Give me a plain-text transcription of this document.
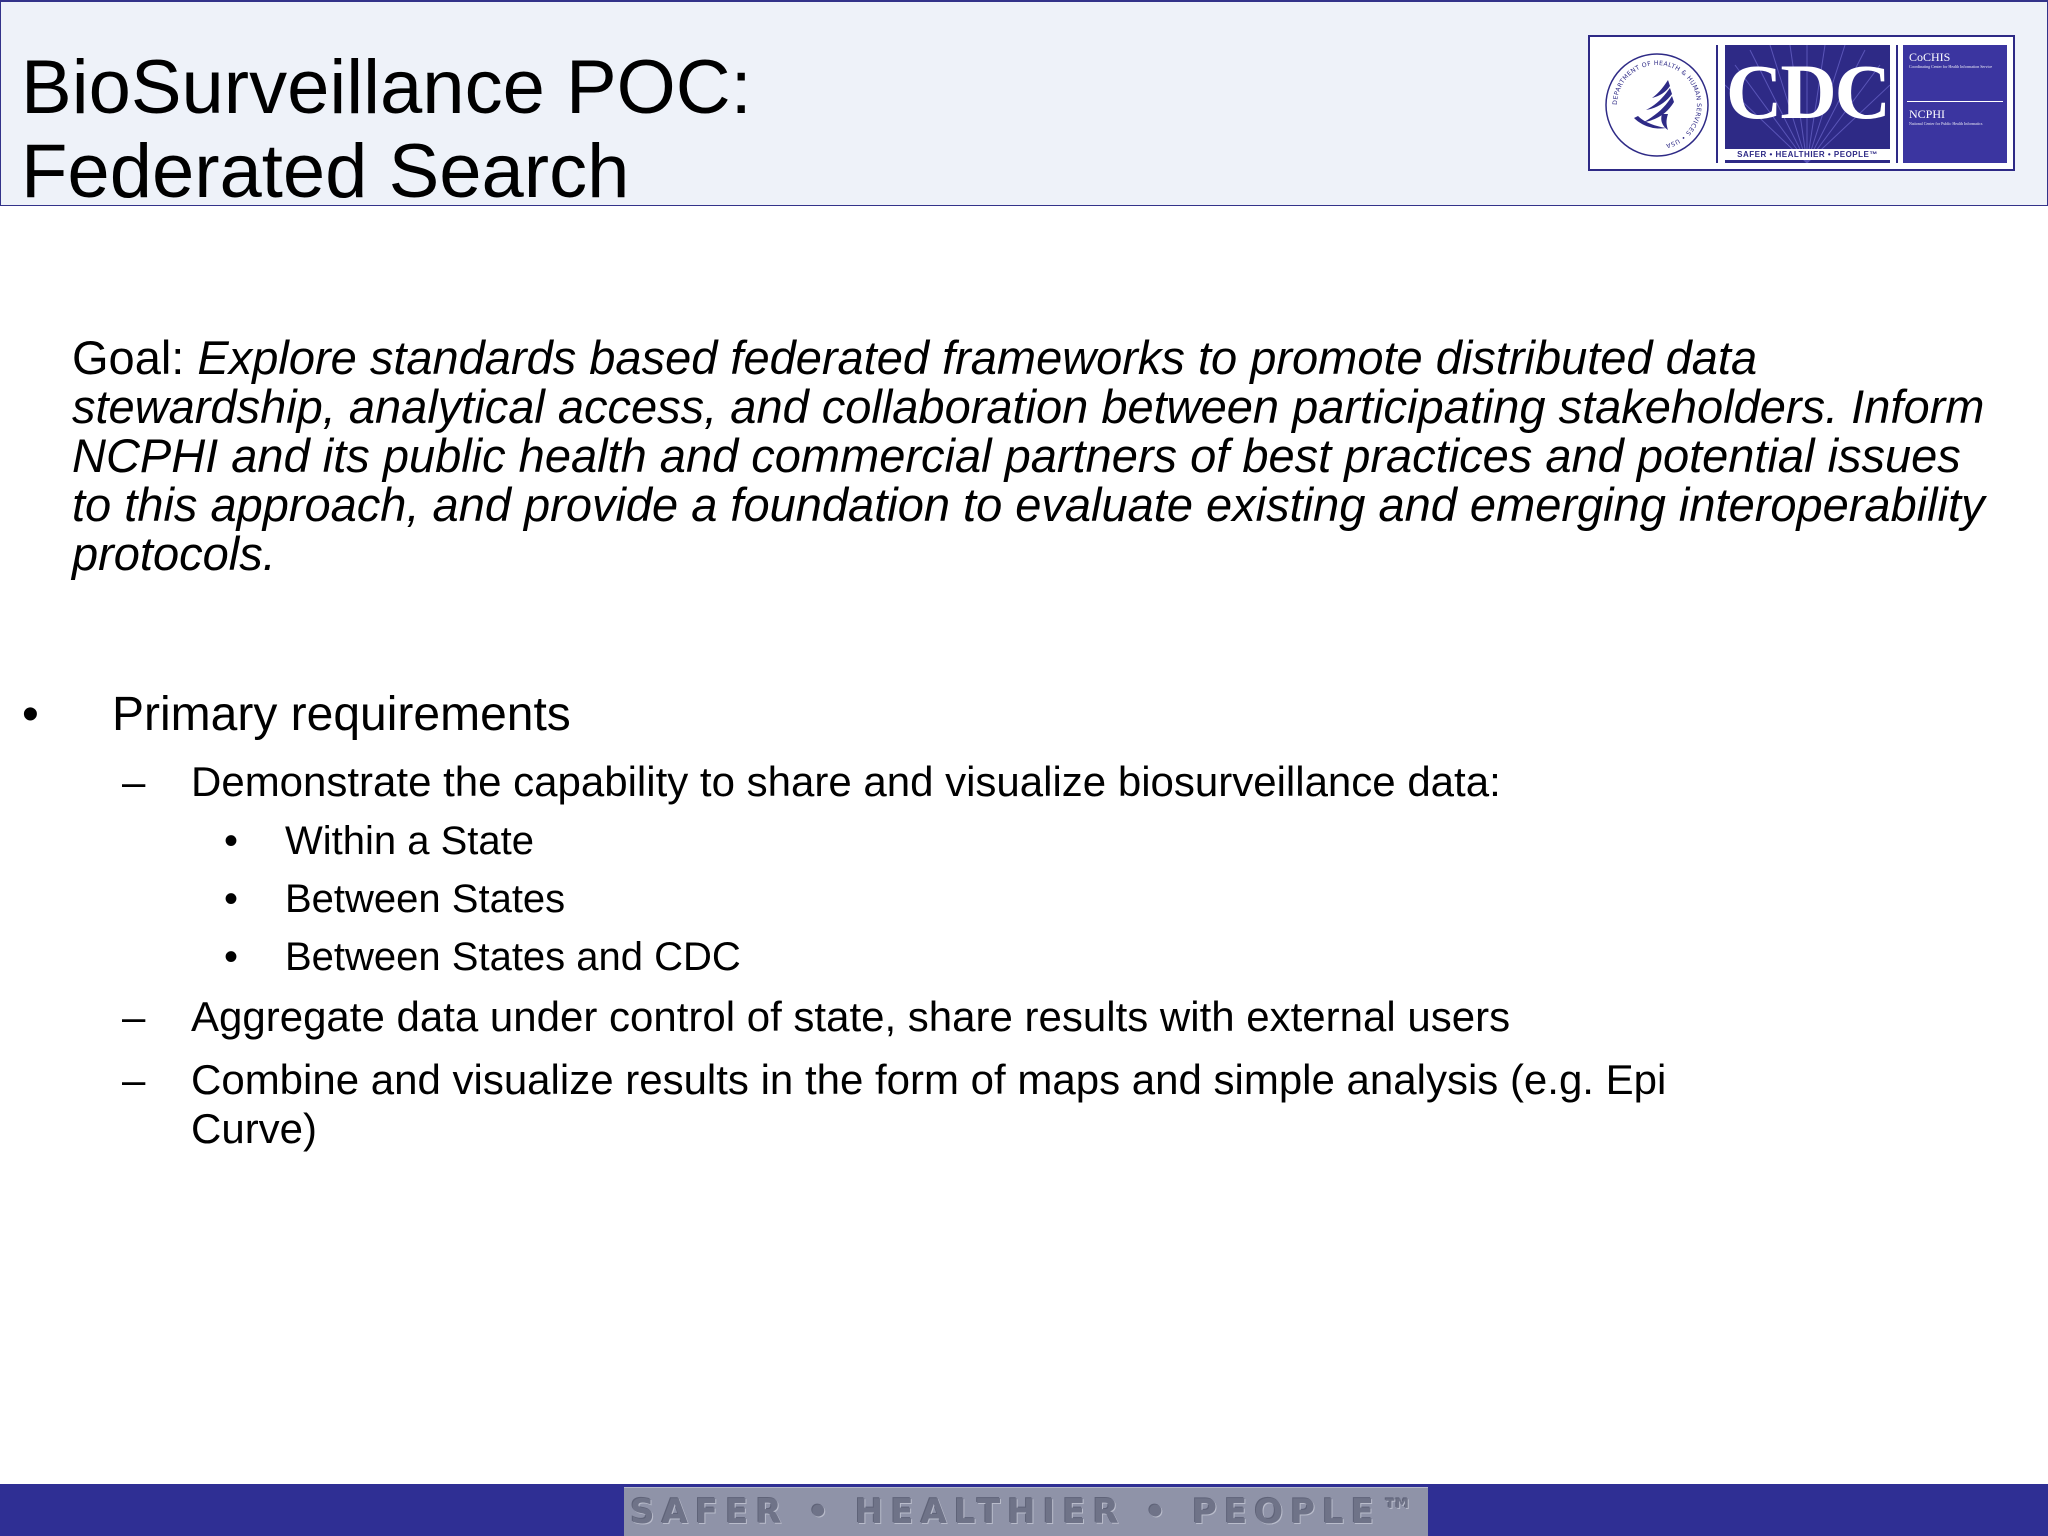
BioSurveillance POC:
Federated Search
DEPARTMENT OF HEALTH & HUMAN SERVICES • USA
CDC
SAFER • HEALTHIER • PEOPLE™
CoCHIS
Coordinating Center for Health Information Service
NCPHI
National Center for Public Health Informatics

Goal: Explore standards based federated frameworks to promote distributed data stewardship, analytical access, and collaboration between participating stakeholders. Inform NCPHI and its public health and commercial partners of best practices and potential issues to this approach, and provide a foundation to evaluate existing and emerging interoperability protocols.

• Primary requirements
– Demonstrate the capability to share and visualize biosurveillance data:
• Within a State
• Between States
• Between States and CDC
– Aggregate data under control of state, share results with external users
– Combine and visualize results in the form of maps and simple analysis (e.g. Epi
Curve)
SAFER • HEALTHIER • PEOPLE™
